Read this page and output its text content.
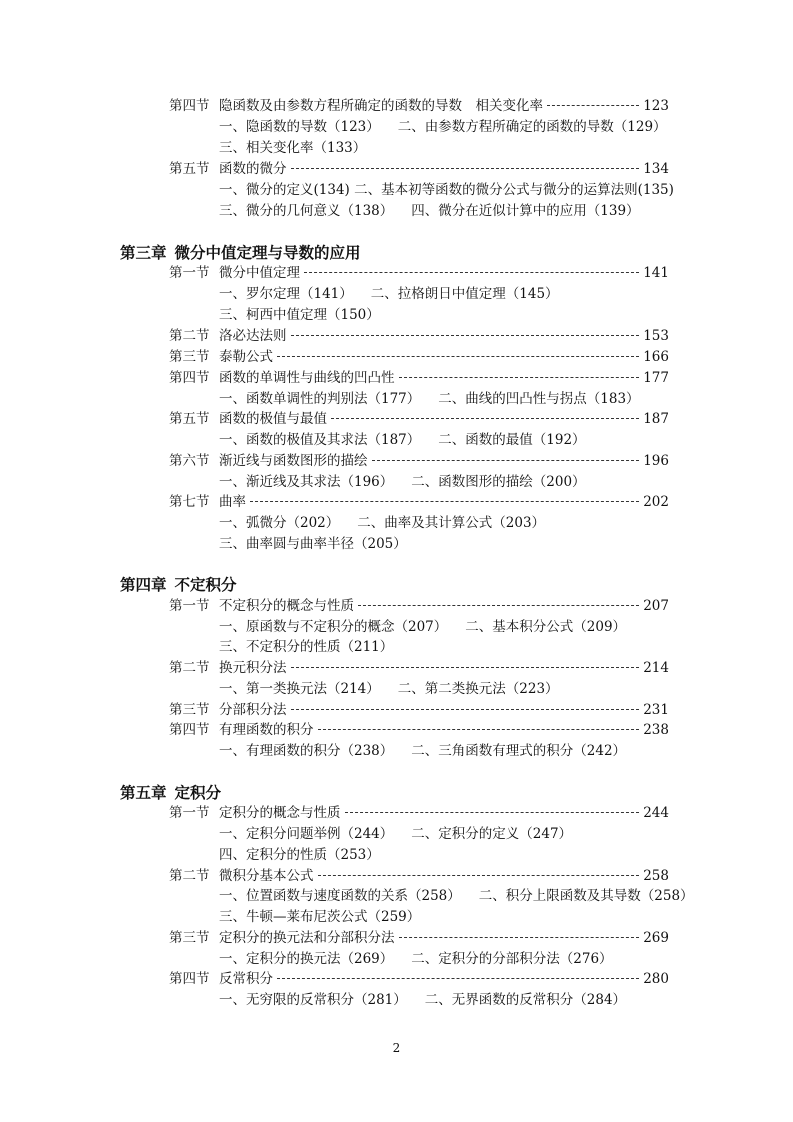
第四节 隐函数及由参数方程所确定的函数的导数　相关变化率	123
一、隐函数的导数（123） 二、由参数方程所确定的函数的导数（129）
三、相关变化率（133）
第五节 函数的微分	134
一、微分的定义(134) 二、基本初等函数的微分公式与微分的运算法则(135)
三、微分的几何意义（138） 四、微分在近似计算中的应用（139）
第三章 微分中值定理与导数的应用
第一节 微分中值定理	141
一、罗尔定理（141） 二、拉格朗日中值定理（145）
三、柯西中值定理（150）
第二节 洛必达法则	153
第三节 泰勒公式	166
第四节 函数的单调性与曲线的凹凸性	177
一、函数单调性的判别法（177） 二、曲线的凹凸性与拐点（183）
第五节 函数的极值与最值	187
一、函数的极值及其求法（187） 二、函数的最值（192）
第六节 渐近线与函数图形的描绘	196
一、渐近线及其求法（196） 二、函数图形的描绘（200）
第七节 曲率	202
一、弧微分（202） 二、曲率及其计算公式（203）
三、曲率圆与曲率半径（205）
第四章 不定积分
第一节 不定积分的概念与性质	207
一、原函数与不定积分的概念（207） 二、基本积分公式（209）
三、不定积分的性质（211）
第二节 换元积分法	214
一、第一类换元法（214） 二、第二类换元法（223）
第三节 分部积分法	231
第四节 有理函数的积分	238
一、有理函数的积分（238） 二、三角函数有理式的积分（242）
第五章 定积分
第一节 定积分的概念与性质	244
一、定积分问题举例（244） 二、定积分的定义（247）
四、定积分的性质（253）
第二节 微积分基本公式	258
一、位置函数与速度函数的关系（258） 二、积分上限函数及其导数（258）
三、牛顿—莱布尼茨公式（259）
第三节 定积分的换元法和分部积分法	269
一、定积分的换元法（269） 二、定积分的分部积分法（276）
第四节 反常积分	280
一、无穷限的反常积分（281） 二、无界函数的反常积分（284）
2
